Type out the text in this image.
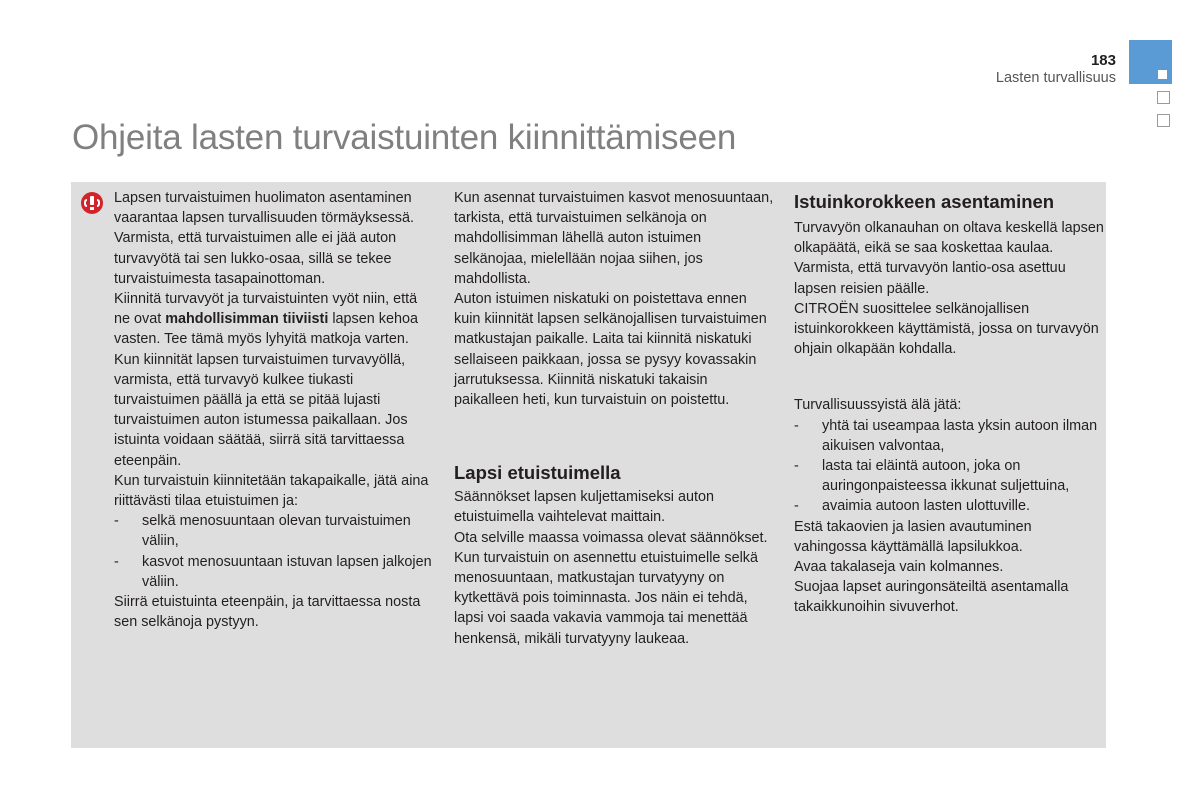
183
Lasten turvallisuus
Ohjeita lasten turvaistuinten kiinnittämiseen

Lapsen turvaistuimen huolimaton asentaminen vaarantaa lapsen turvallisuuden törmäyksessä.

Varmista, että turvaistuimen alle ei jää auton turvavyötä tai sen lukko-osaa, sillä se tekee turvaistuimesta tasapainottoman.

Kiinnitä turvavyöt ja turvaistuinten vyöt niin, että ne ovat mahdollisimman tiiviisti lapsen kehoa vasten. Tee tämä myös lyhyitä matkoja varten.

Kun kiinnität lapsen turvaistuimen turvavyöllä, varmista, että turvavyö kulkee tiukasti turvaistuimen päällä ja että se pitää lujasti turvaistuimen auton istumessa paikallaan. Jos istuinta voidaan säätää, siirrä sitä tarvittaessa eteenpäin.

Kun turvaistuin kiinnitetään takapaikalle, jätä aina riittävästi tilaa etuistuimen ja:

- selkä menosuuntaan olevan turvaistuimen väliin,
- kasvot menosuuntaan istuvan lapsen jalkojen väliin.

Siirrä etuistuinta eteenpäin, ja tarvittaessa nosta sen selkänoja pystyyn.

Kun asennat turvaistuimen kasvot menosuuntaan, tarkista, että turvaistuimen selkänoja on mahdollisimman lähellä auton istuimen selkänojaa, mielellään nojaa siihen, jos mahdollista.

Auton istuimen niskatuki on poistettava ennen kuin kiinnität lapsen selkänojallisen turvaistuimen matkustajan paikalle. Laita tai kiinnitä niskatuki sellaiseen paikkaan, jossa se pysyy kovassakin jarrutuksessa. Kiinnitä niskatuki takaisin paikalleen heti, kun turvaistuin on poistettu.

Lapsi etuistuimella

Säännökset lapsen kuljettamiseksi auton etuistuimella vaihtelevat maittain.

Ota selville maassa voimassa olevat säännökset.

Kun turvaistuin on asennettu etuistuimelle selkä menosuuntaan, matkustajan turvatyyny on kytkettävä pois toiminnasta. Jos näin ei tehdä, lapsi voi saada vakavia vammoja tai menettää henkensä, mikäli turvatyyny laukeaa.

Istuinkorokkeen asentaminen

Turvavyön olkanauhan on oltava keskellä lapsen olkapäätä, eikä se saa koskettaa kaulaa.

Varmista, että turvavyön lantio-osa asettuu lapsen reisien päälle.

CITROËN suosittelee selkänojallisen istuinkorokkeen käyttämistä, jossa on turvavyön ohjain olkapään kohdalla.

Turvallisuussyistä älä jätä:

- yhtä tai useampaa lasta yksin autoon ilman aikuisen valvontaa,
- lasta tai eläintä autoon, joka on auringonpaisteessa ikkunat suljettuina,
- avaimia autoon lasten ulottuville.

Estä takaovien ja lasien avautuminen vahingossa käyttämällä lapsilukkoa.

Avaa takalaseja vain kolmannes.

Suojaa lapset auringonsäteiltä asentamalla takaikkunoihin sivuverhot.
